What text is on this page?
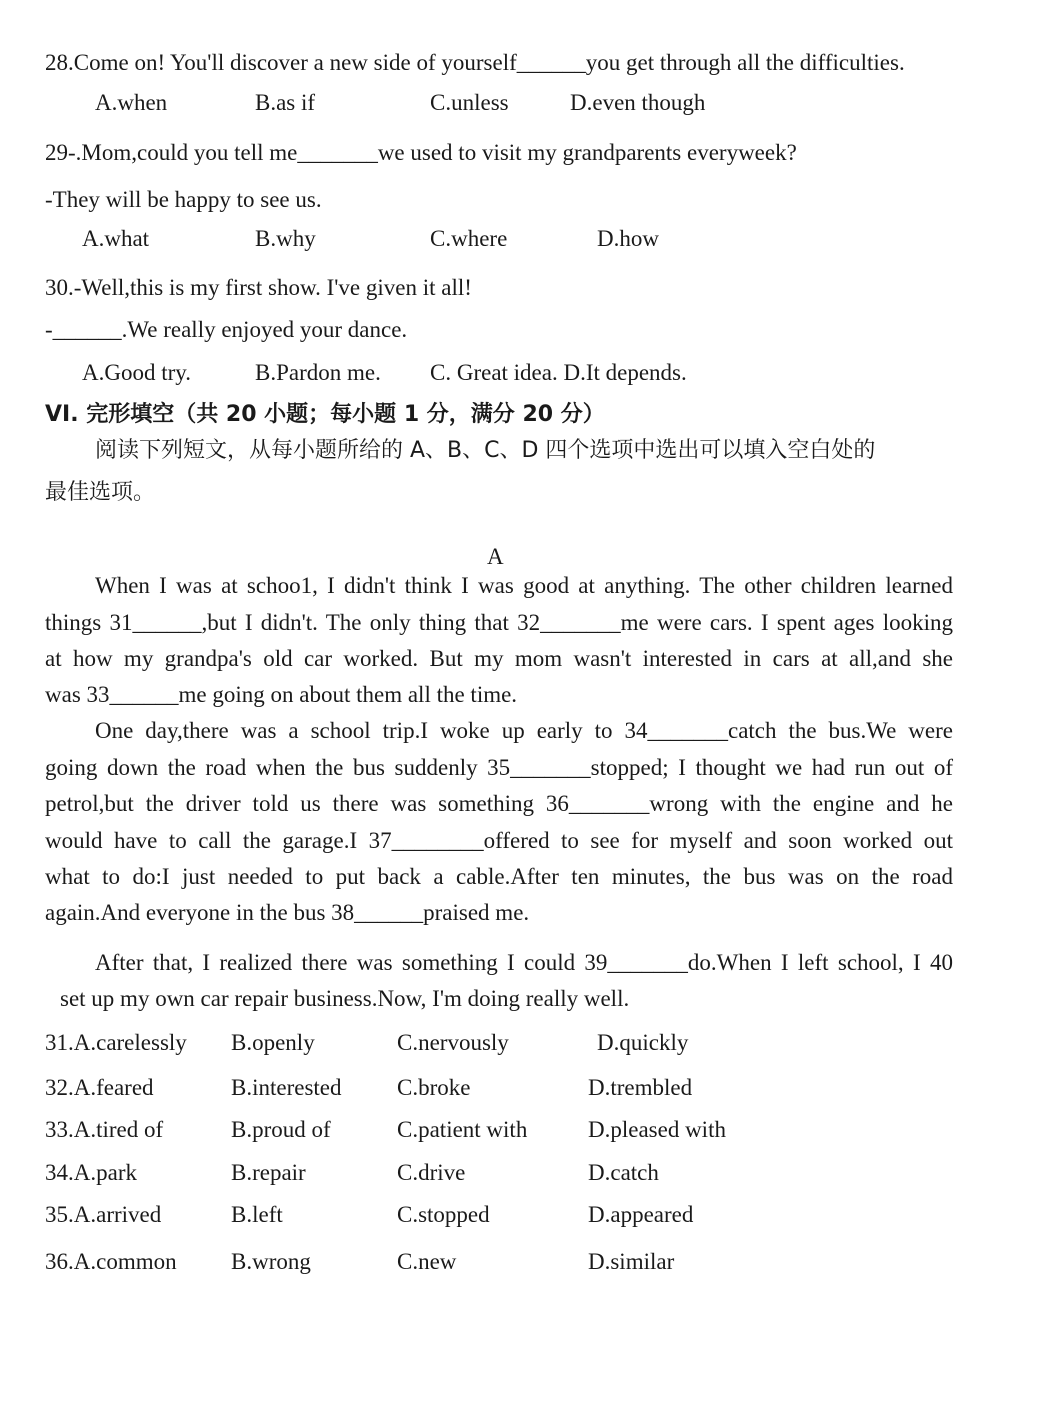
28.Come on! You'll discover a new side of yourself______you get through all the difficulties.
A.when	B.as if	C.unless	D.even though
29-.Mom,could you tell me_______we used to visit my grandparents everyweek?
-They will be happy to see us.
A.what	B.why	C.where	D.how
30.-Well,this is my first show. I've given it all!
-______.We really enjoyed your dance.
A.Good try.	B.Pardon me. C. Great idea. D.It depends.
VI. 完形填空（共 20 小题；每小题 1 分，满分 20 分）
阅读下列短文，从每小题所给的 A、B、C、D 四个选项中选出可以填入空白处的
最佳选项。
A
When I was at schoo1, I didn't think I was good at anything. The other children learned
things 31______,but I didn't. The only thing that 32_______me were cars. I spent ages looking
at how my grandpa's old car worked. But my mom wasn't interested in cars at all,and she
was 33______me going on about them all the time.
One day,there was a school trip.I woke up early to 34_______catch the bus.We were
going down the road when the bus suddenly 35_______stopped; I thought we had run out of
petrol,but the driver told us there was something 36_______wrong with the engine and he
would have to call the garage.I 37________offered to see for myself and soon worked out
what to do:I just needed to put back a cable.After ten minutes, the bus was on the road
again.And everyone in the bus 38______praised me.
After that, I realized there was something I could 39_______do.When I left school, I 40
set up my own car repair business.Now, I'm doing really well.
31.A.carelessly B.openly	C.nervously	D.quickly
32.A.feared	B.interested C.broke	D.trembled
33.A.tired of	B.proud of	C.patient with	D.pleased with
34.A.park	B.repair	C.drive	D.catch
35.A.arrived	B.left	C.stopped	D.appeared
36.A.common B.wrong	C.new	D.similar
